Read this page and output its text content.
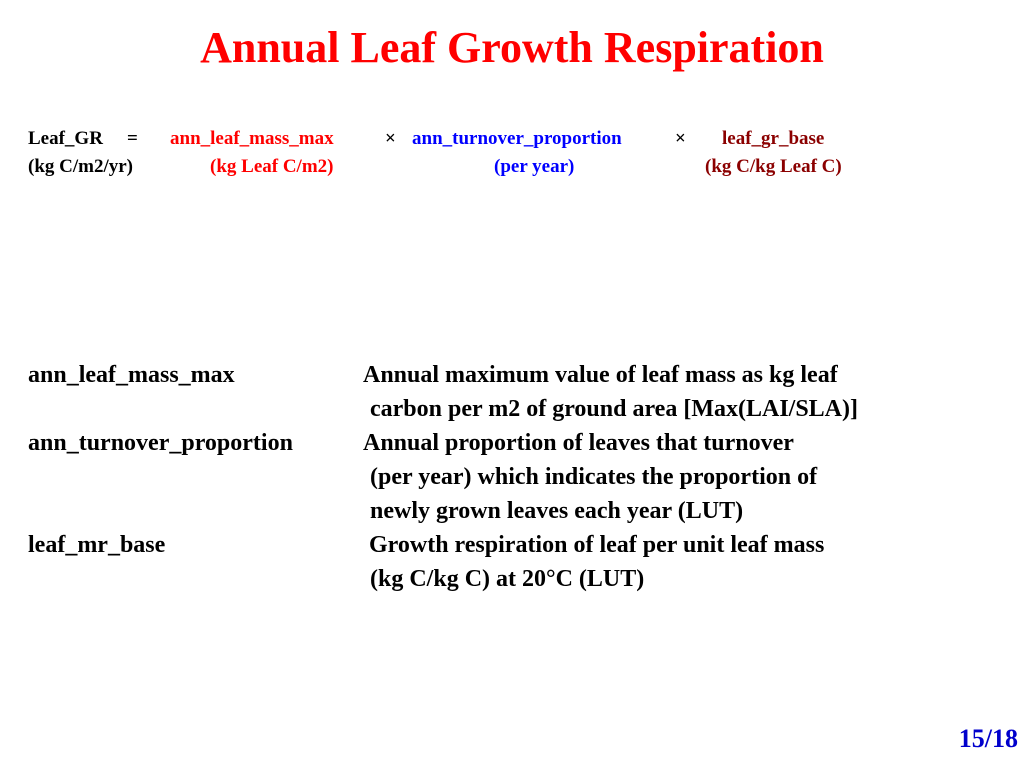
Annual Leaf Growth Respiration
Leaf_GR = ann_leaf_mass_max	× ann_turnover_proportion	× leaf_gr_base
(kg C/m2/yr)	(kg Leaf C/m2)	(per year)	(kg C/kg Leaf C)
ann_leaf_mass_max	Annual maximum value of leaf mass as kg leaf
carbon per m2 of ground area [Max(LAI/SLA)]
ann_turnover_proportion	Annual proportion of leaves that turnover
(per year) which indicates the proportion of
newly grown leaves each year (LUT)
leaf_mr_base	Growth respiration of leaf per unit leaf mass
(kg C/kg C) at 20°C (LUT)
15/18
